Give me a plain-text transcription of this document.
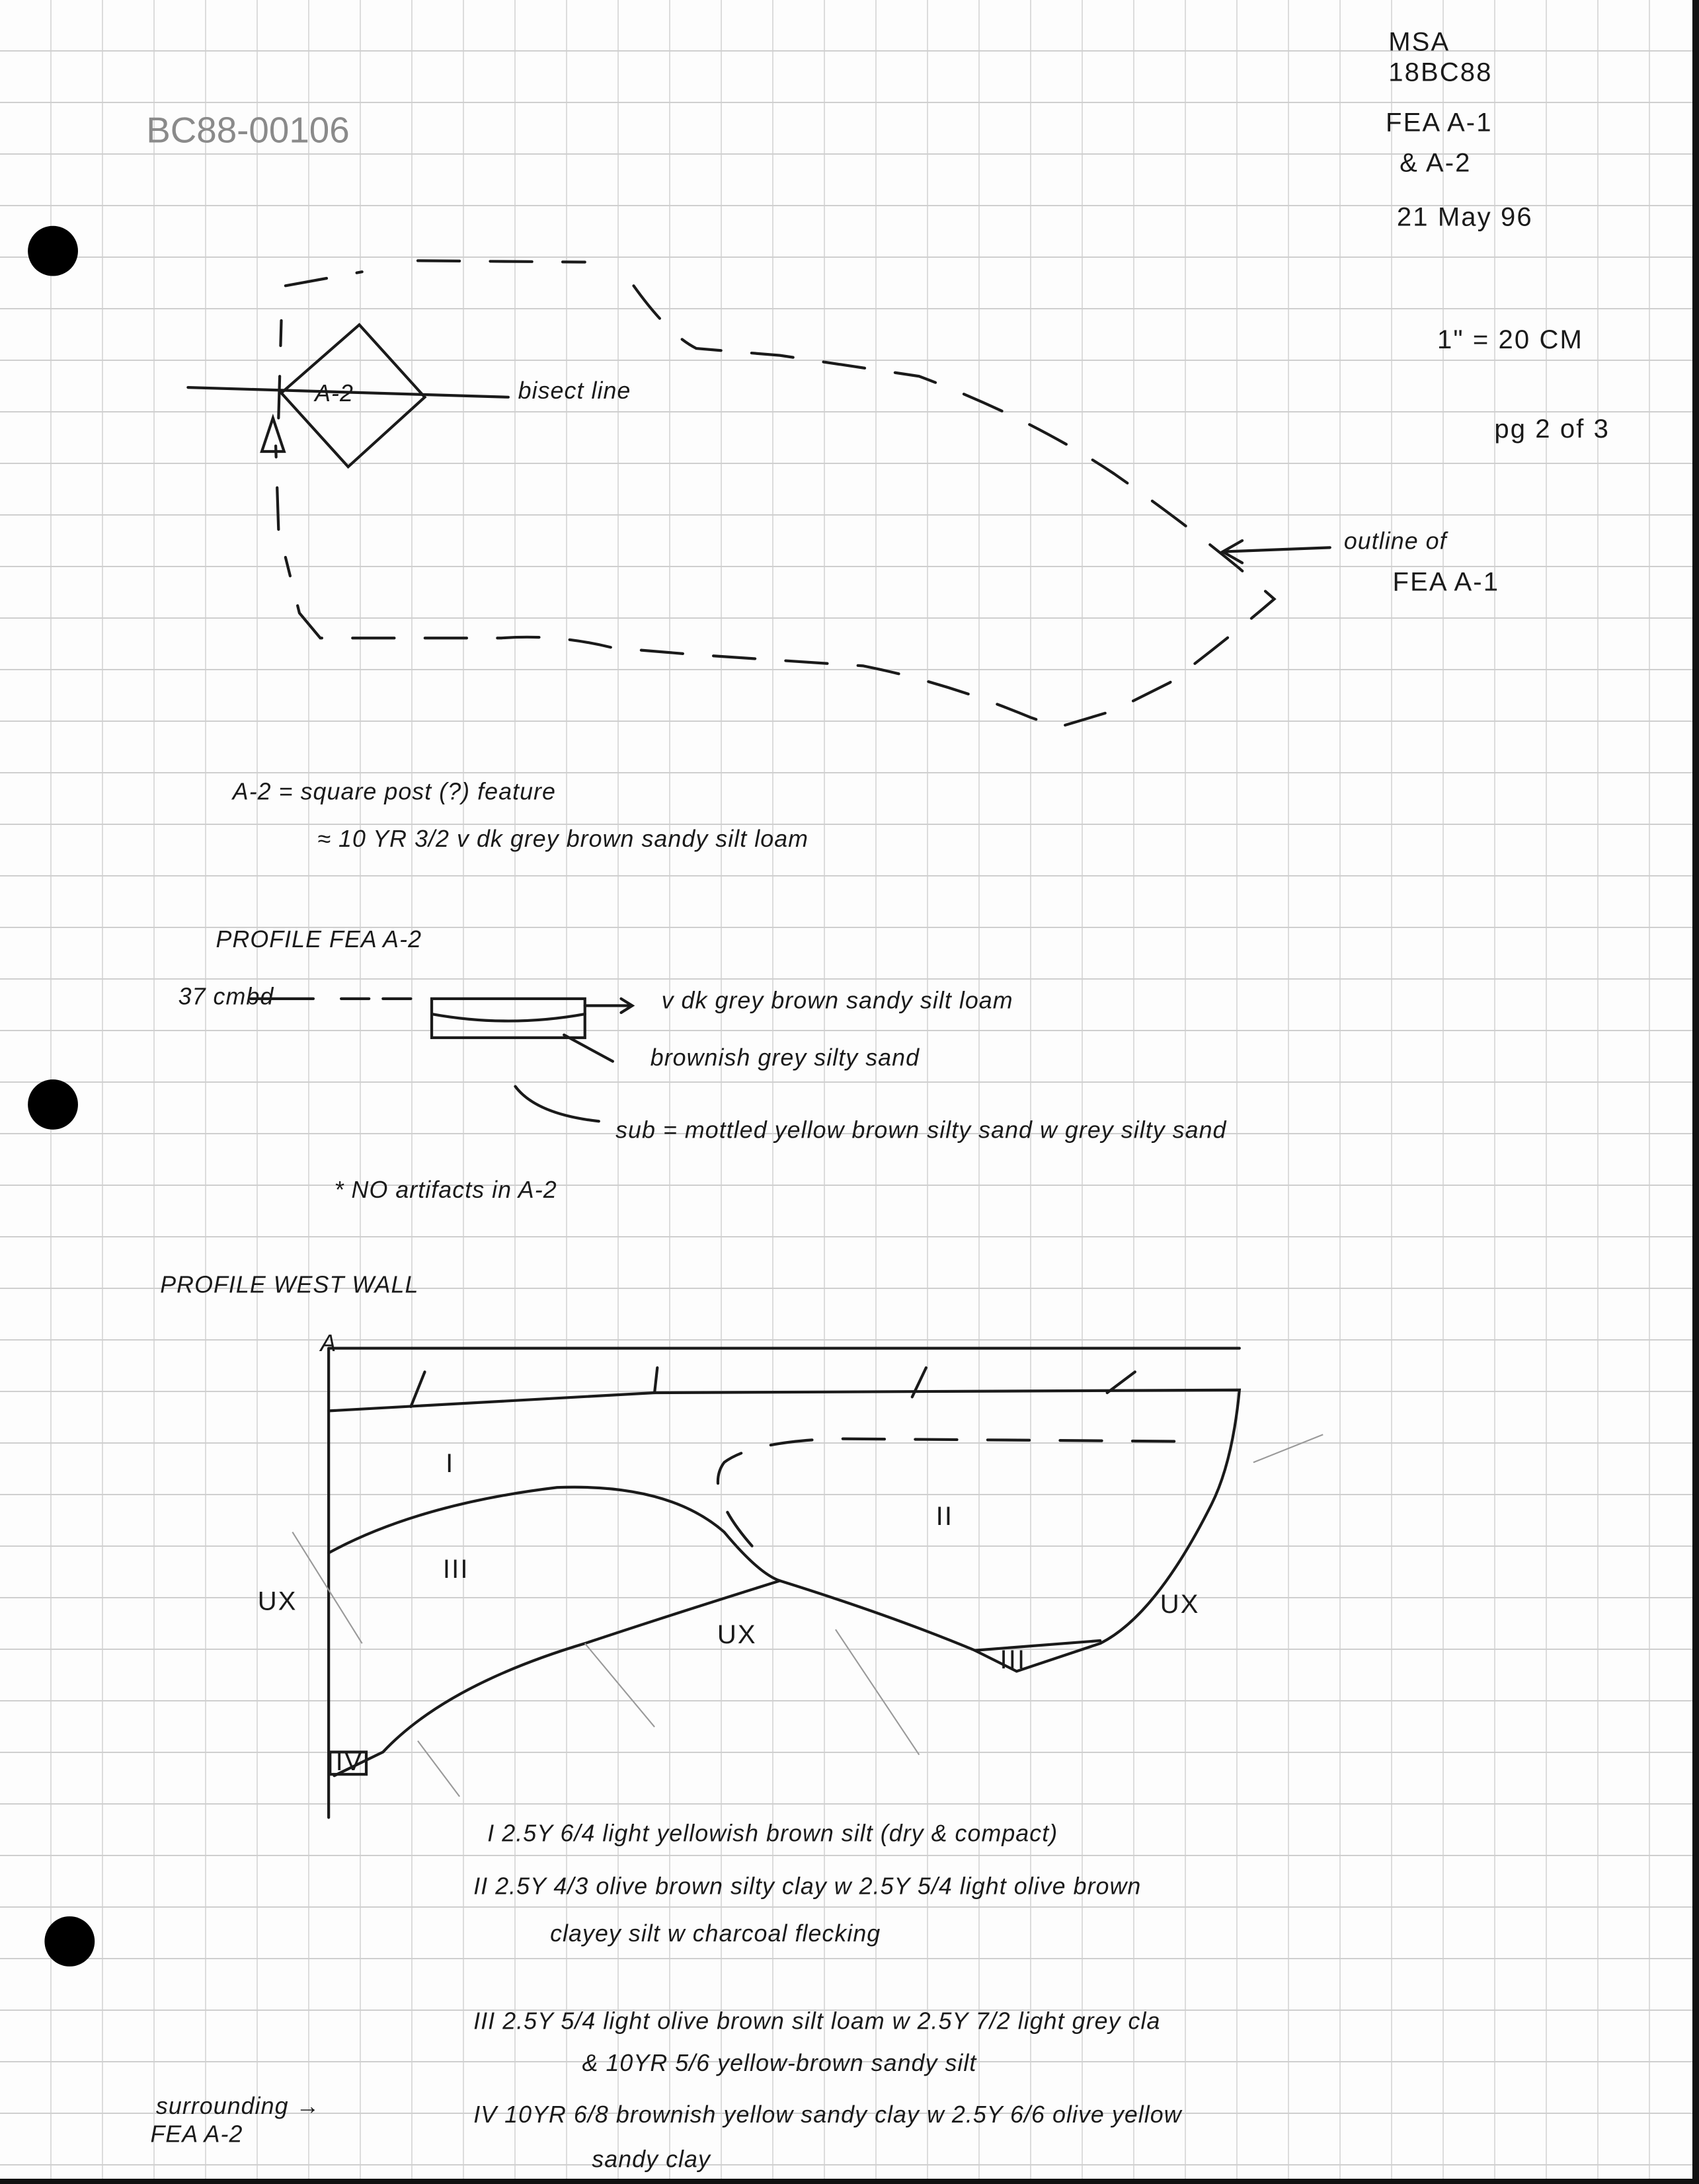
BC88-00106
MSA
18BC88
FEA A-1
& A-2
21 May 96
1" = 20 CM
pg 2 of 3
A-2	bisect line
outline of
FEA A-1
A-2 = square post (?) feature
≈ 10 YR 3/2 v dk grey brown sandy silt loam
PROFILE FEA A-2
37 cmbd	v dk grey brown sandy silt loam
brownish grey silty sand
sub = mottled yellow brown silty sand w grey silty sand
* NO artifacts in A-2
PROFILE WEST WALL
A
I
II
III
III
IV
UX
UX
UX
I 2.5Y 6/4 light yellowish brown silt (dry & compact)
II 2.5Y 4/3 olive brown silty clay w 2.5Y 5/4 light olive brown
clayey silt w charcoal flecking
III 2.5Y 5/4 light olive brown silt loam w 2.5Y 7/2 light grey cla
& 10YR 5/6 yellow-brown sandy silt
IV 10YR 6/8 brownish yellow sandy clay w 2.5Y 6/6 olive yellow
sandy clay
surrounding →
FEA A-2
